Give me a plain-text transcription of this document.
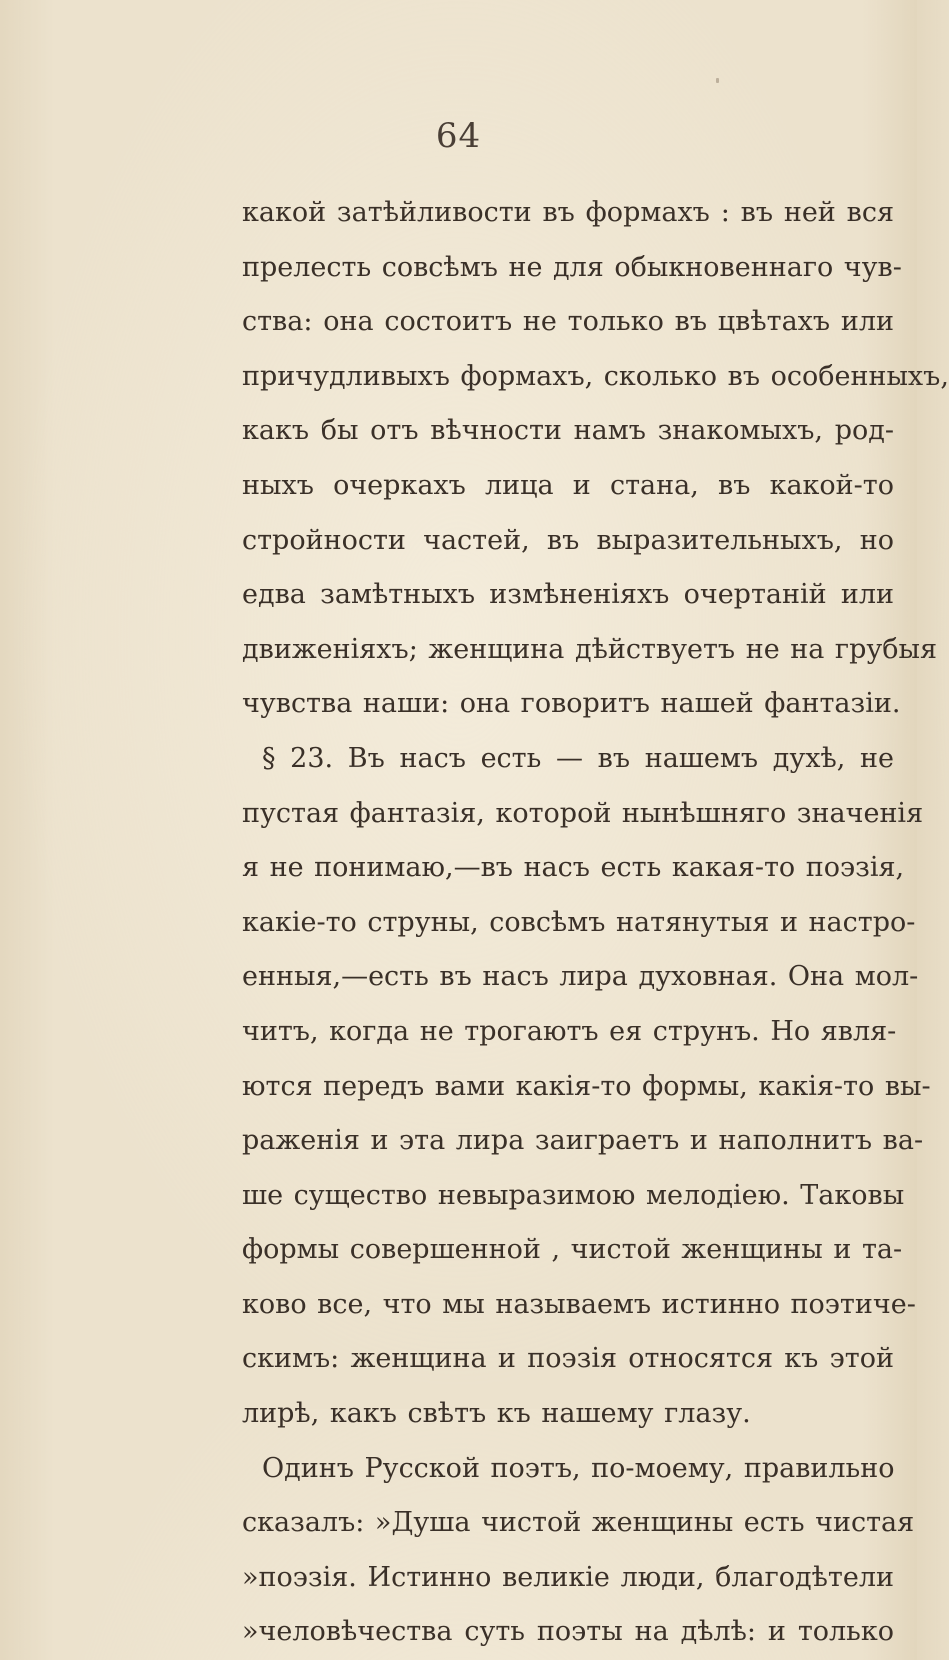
64
какой затѣйливости въ формахъ : въ ней вся
прелесть совсѣмъ не для обыкновеннаго чув-
ства: она состоитъ не только въ цвѣтахъ или
причудливыхъ формахъ, сколько въ особенныхъ,
какъ бы отъ вѣчности намъ знакомыхъ, род-
ныхъ очеркахъ лица и стана, въ какой-то
стройности частей, въ выразительныхъ, но
едва замѣтныхъ измѣненіяхъ очертаній или
движеніяхъ; женщина дѣйствуетъ не на грубыя
чувства наши: она говоритъ нашей фантазіи.
§ 23. Въ насъ есть — въ нашемъ духѣ, не
пустая фантазія, которой нынѣшняго значенія
я не понимаю,—въ насъ есть какая-то поэзія,
какіе-то струны, совсѣмъ натянутыя и настро-
енныя,—есть въ насъ лира духовная. Она мол-
читъ, когда не трогаютъ ея струнъ. Но явля-
ются передъ вами какія-то формы, какія-то вы-
раженія и эта лира заиграетъ и наполнитъ ва-
ше существо невыразимою мелодіею. Таковы
формы совершенной , чистой женщины и та-
ково все, что мы называемъ истинно поэтиче-
скимъ: женщина и поэзія относятся къ этой
лирѣ, какъ свѣтъ къ нашему глазу.
Одинъ Русской поэтъ, по-моему, правильно
сказалъ: »Душа чистой женщины есть чистая
»поэзія. Истинно великіе люди, благодѣтели
»человѣчества суть поэты на дѣлѣ: и только
